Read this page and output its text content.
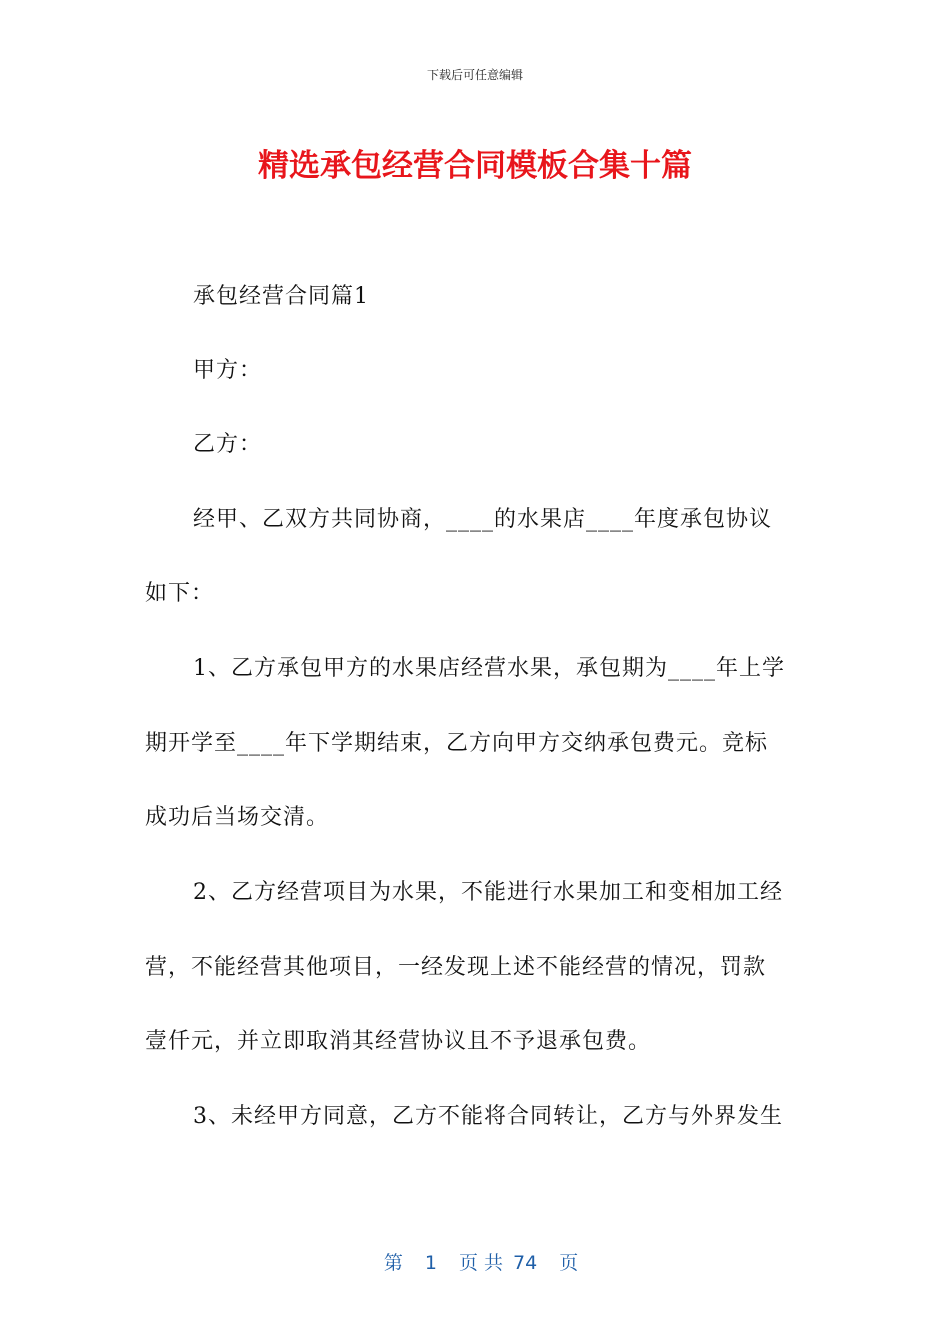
下载后可任意编辑
精选承包经营合同模板合集十篇
承包经营合同篇1
甲方：
乙方：
经甲、乙双方共同协商，____的水果店____年度承包协议
如下：
1、乙方承包甲方的水果店经营水果，承包期为____年上学
期开学至____年下学期结束，乙方向甲方交纳承包费元。竞标
成功后当场交清。
2、乙方经营项目为水果，不能进行水果加工和变相加工经
营，不能经营其他项目，一经发现上述不能经营的情况，罚款
壹仟元，并立即取消其经营协议且不予退承包费。
3、未经甲方同意，乙方不能将合同转让，乙方与外界发生

第 1 页 共 74 页
